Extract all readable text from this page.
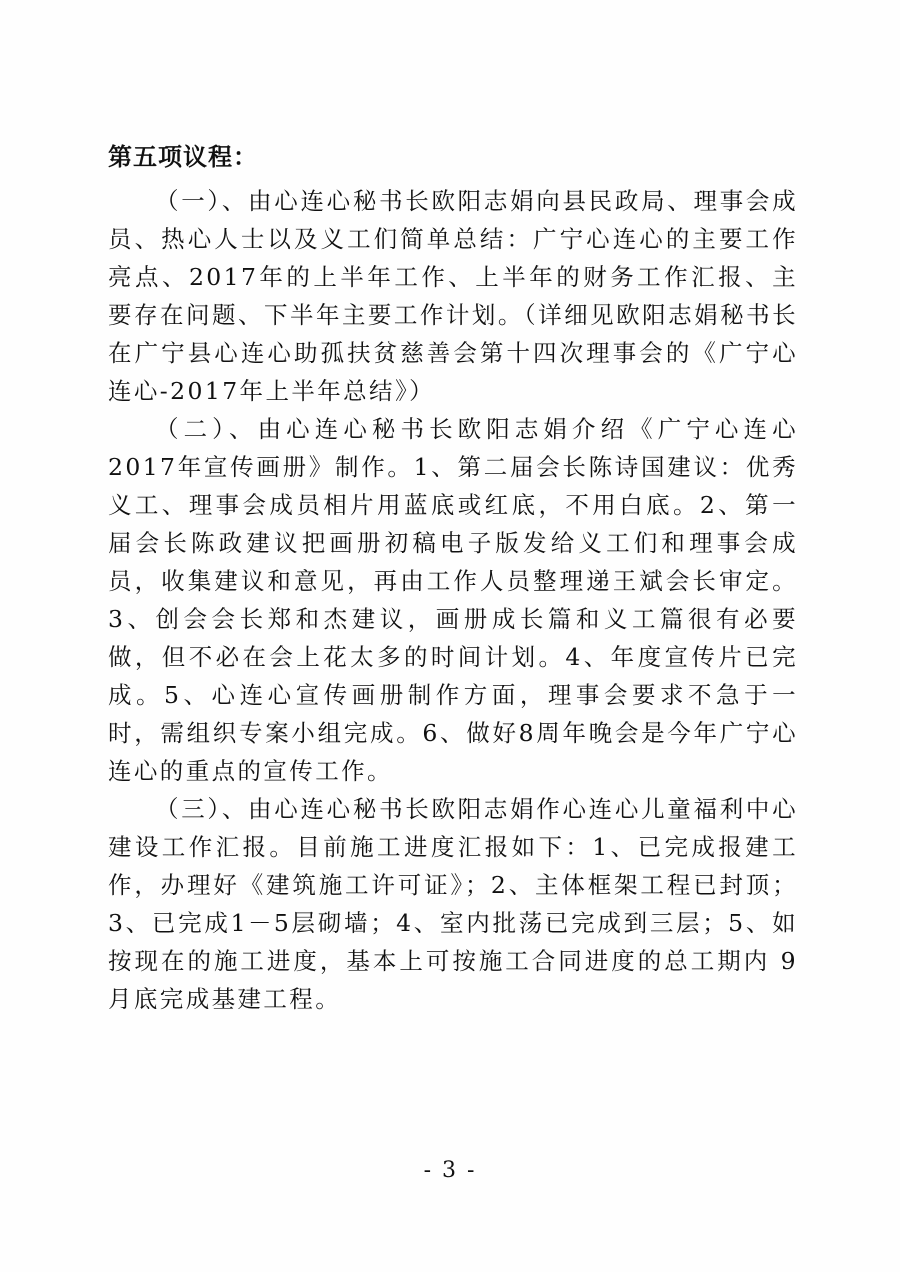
第五项议程：

（一）、由心连心秘书长欧阳志娟向县民政局、理事会成员、热心人士以及义工们简单总结：广宁心连心的主要工作亮点、2017年的上半年工作、上半年的财务工作汇报、主要存在问题、下半年主要工作计划。（详细见欧阳志娟秘书长在广宁县心连心助孤扶贫慈善会第十四次理事会的《广宁心连心-2017年上半年总结》）

（二）、由心连心秘书长欧阳志娟介绍《广宁心连心2017年宣传画册》制作。1、第二届会长陈诗国建议：优秀义工、理事会成员相片用蓝底或红底，不用白底。2、第一届会长陈政建议把画册初稿电子版发给义工们和理事会成员，收集建议和意见，再由工作人员整理递王斌会长审定。3、创会会长郑和杰建议，画册成长篇和义工篇很有必要做，但不必在会上花太多的时间计划。4、年度宣传片已完成。5、心连心宣传画册制作方面，理事会要求不急于一时，需组织专案小组完成。6、做好8周年晚会是今年广宁心连心的重点的宣传工作。

（三）、由心连心秘书长欧阳志娟作心连心儿童福利中心建设工作汇报。目前施工进度汇报如下：1、已完成报建工作，办理好《建筑施工许可证》；2、主体框架工程已封顶；3、已完成1－5层砌墙；4、室内批荡已完成到三层；5、如按现在的施工进度，基本上可按施工合同进度的总工期内 9 月底完成基建工程。

- 3 -
